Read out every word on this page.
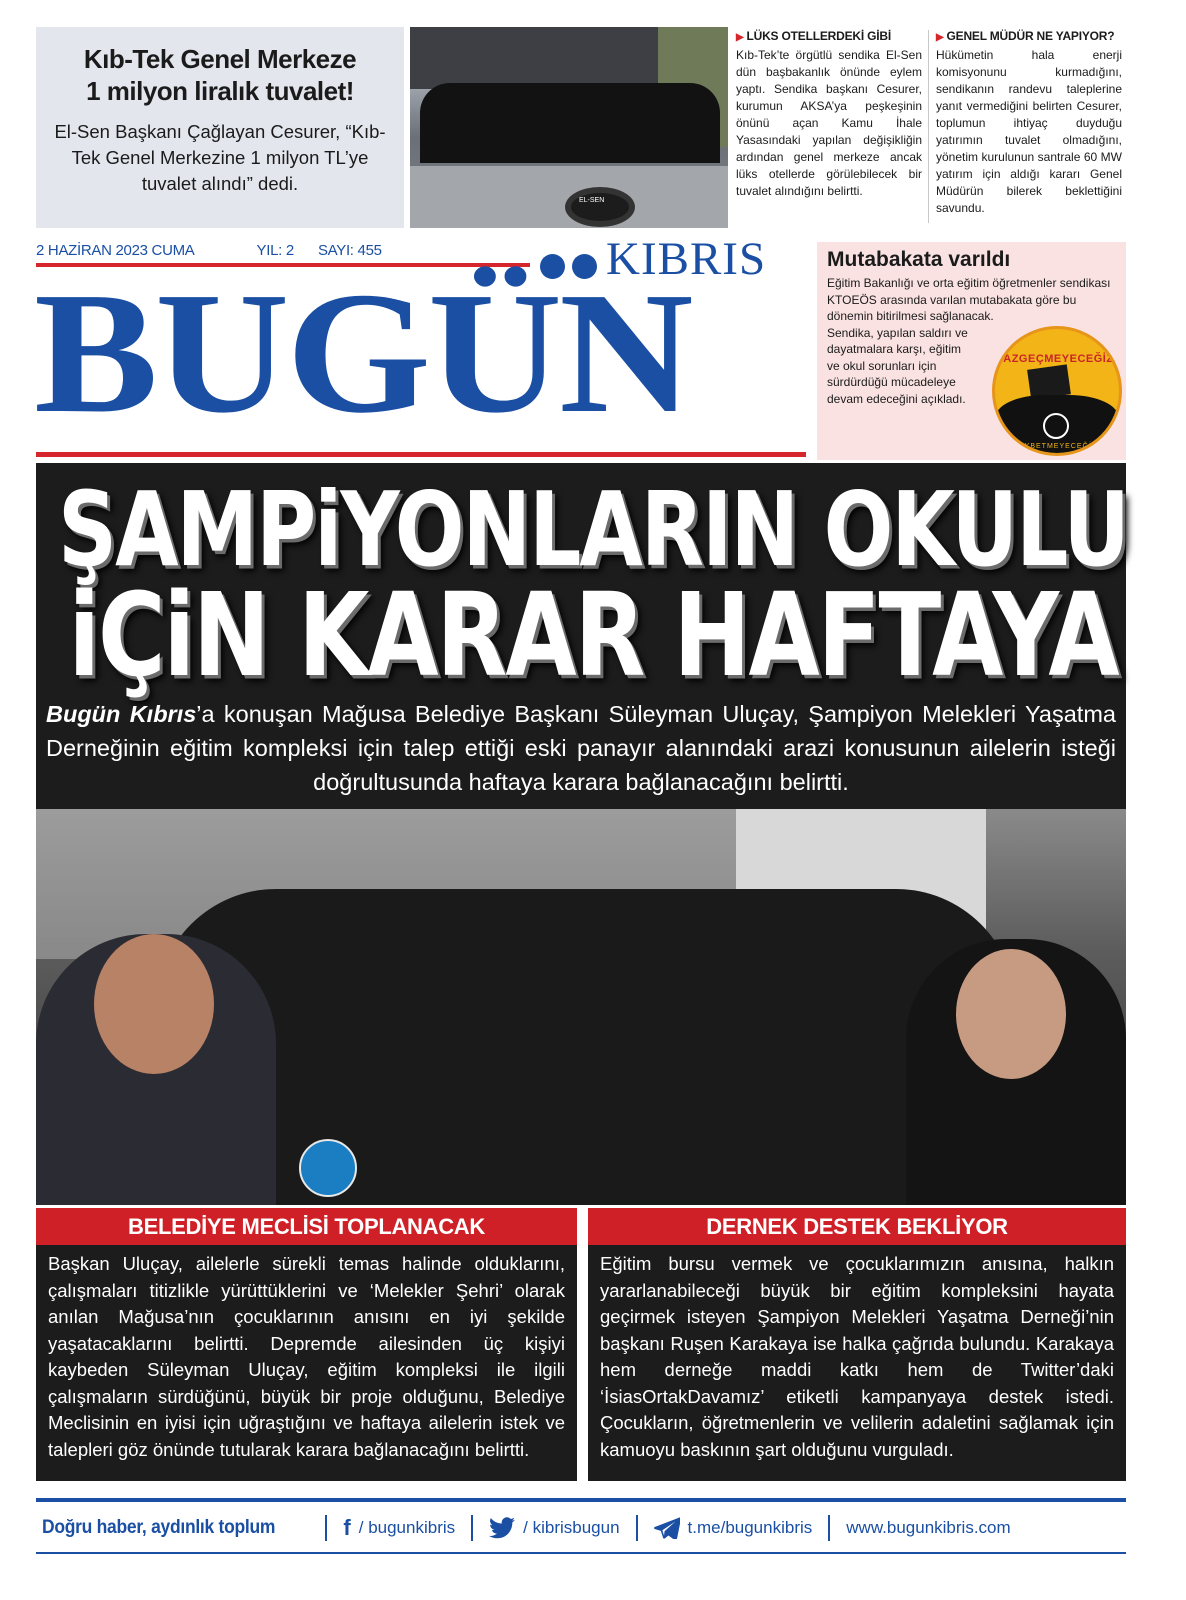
Kıb-Tek Genel Merkeze
1 milyon liralık tuvalet!
El-Sen Başkanı Çağlayan Cesurer, “Kıb-Tek Genel Merkezine 1 milyon TL’ye tuvalet alındı” dedi.
EL-SEN
▶ LÜKS OTELLERDEKİ GİBİ
Kıb-Tek’te örgütlü sendika El-Sen dün başbakanlık önünde eylem yaptı. Sendika başkanı Cesurer, kurumun AKSA’ya peşkeşinin önünü açan Kamu İhale Yasasındaki yapılan değişikliğin ardından genel merkeze ancak lüks otellerde görülebilecek bir tuvalet alındığını belirtti.
▶ GENEL MÜDÜR NE YAPIYOR?
Hükümetin hala enerji komisyonunu kurmadığını, sendikanın randevu taleplerine yanıt vermediğini belirten Cesurer, toplumun ihtiyaç duyduğu yatırımın tuvalet olmadığını, yönetim kurulunun santrale 60 MW yatırım için aldığı kararı Genel Müdürün bilerek beklettiğini savundu.
2 HAZİRAN 2023 CUMA	YIL: 2 SAYI: 455	KIBRIS
BUGÜN	Mutabakata varıldı
Eğitim Bakanlığı ve orta eğitim öğretmenler sendikası KTOEÖS arasında varılan mutabakata göre bu dönemin bitirilmesi sağlanacak.
Sendika, yapılan saldırı ve dayatmalara karşı, eğitim ve okul sorunları için sürdürdüğü mücadeleye devam edeceğini açıkladı.
VAZGEÇMEYECEĞİZ!
KAYBETMEYECEĞİZ!
ŞAMPiYONLARIN OKULU
iÇiN KARAR HAFTAYA
Bugün Kıbrıs’a konuşan Mağusa Belediye Başkanı Süleyman Uluçay, Şampiyon Melekleri Yaşatma Derneğinin eğitim kompleksi için talep ettiği eski panayır alanındaki arazi konusunun ailelerin isteği doğrultusunda haftaya karara bağlanacağını belirtti.
BELEDİYE MECLİSİ TOPLANACAK	DERNEK DESTEK BEKLİYOR
Başkan Uluçay, ailelerle sürekli temas halinde olduklarını, çalışmaları titizlikle yürüttüklerini ve ‘Melekler Şehri’ olarak anılan Mağusa’nın çocuklarının anısını en iyi şekilde yaşatacaklarını belirtti. Depremde ailesinden üç kişiyi kaybeden Süleyman Uluçay, eğitim kompleksi ile ilgili çalışmaların sürdüğünü, büyük bir proje olduğunu, Belediye Meclisinin en iyisi için uğraştığını ve haftaya ailelerin istek ve talepleri göz önünde tutularak karara bağlanacağını belirtti.
Eğitim bursu vermek ve çocuklarımızın anısına, halkın yararlanabileceği büyük bir eğitim kompleksini hayata geçirmek isteyen Şampiyon Melekleri Yaşatma Derneği’nin başkanı Ruşen Karakaya ise halka çağrıda bulundu. Karakaya hem derneğe maddi katkı hem de Twitter’daki ‘İsiasOrtakDavamız’ etiketli kampanyaya destek istedi. Çocukların, öğretmenlerin ve velilerin adaletini sağlamak için kamuoyu baskının şart olduğunu vurguladı.
Doğru haber, aydınlık toplum	f / bugunkibris	/ kibrisbugun	t.me/bugunkibris www.bugunkibris.com
